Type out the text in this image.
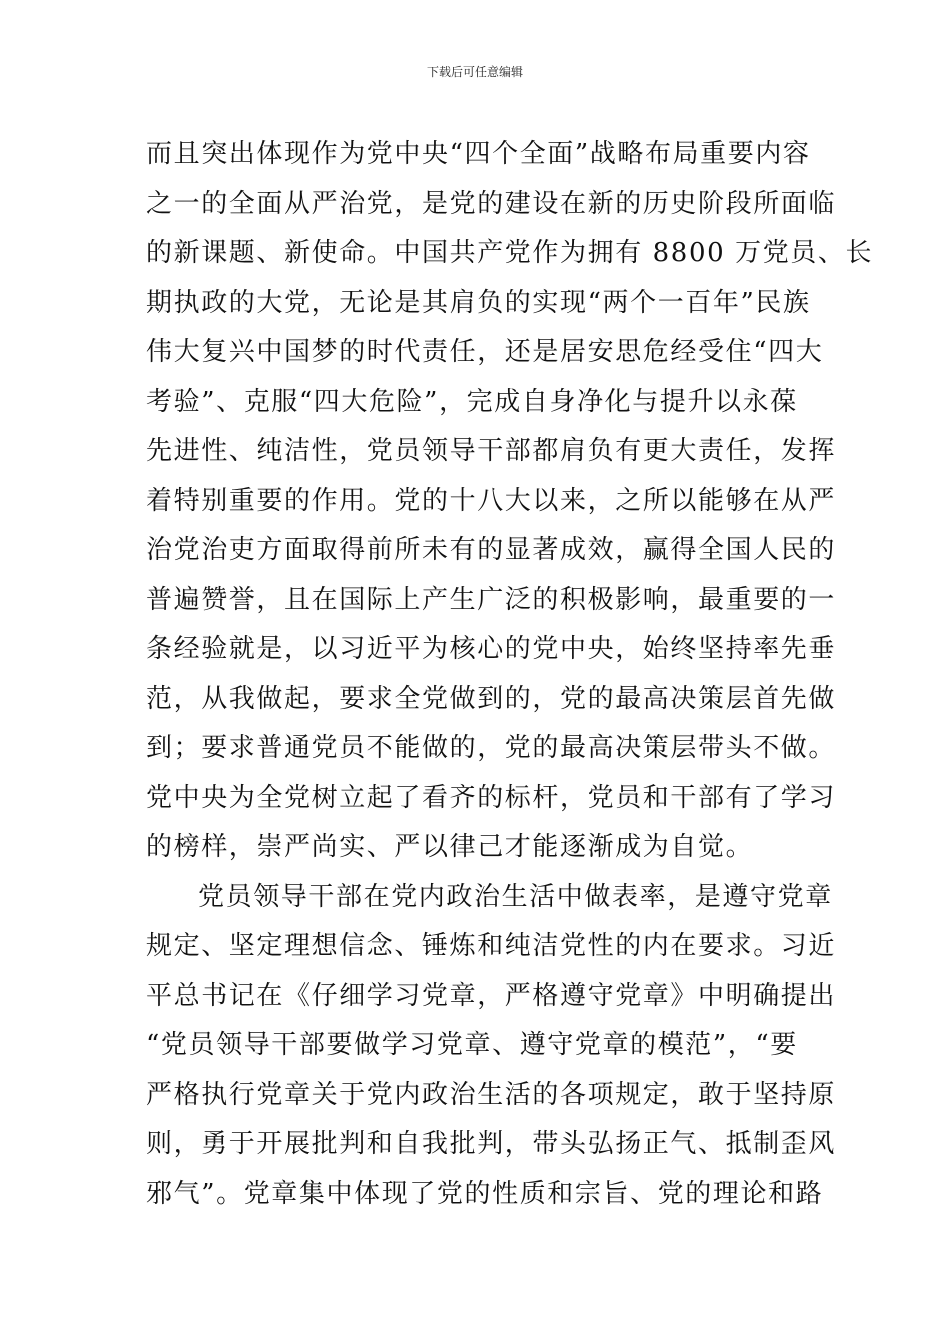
下载后可任意编辑
而且突出体现作为党中央“四个全面”战略布局重要内容
之一的全面从严治党，是党的建设在新的历史阶段所面临
的新课题、新使命。中国共产党作为拥有 8800 万党员、长
期执政的大党，无论是其肩负的实现“两个一百年”民族
伟大复兴中国梦的时代责任，还是居安思危经受住“四大
考验”、克服“四大危险”，完成自身净化与提升以永葆
先进性、纯洁性，党员领导干部都肩负有更大责任，发挥
着特别重要的作用。党的十八大以来，之所以能够在从严
治党治吏方面取得前所未有的显著成效，赢得全国人民的
普遍赞誉，且在国际上产生广泛的积极影响，最重要的一
条经验就是，以习近平为核心的党中央，始终坚持率先垂
范，从我做起，要求全党做到的，党的最高决策层首先做
到；要求普通党员不能做的，党的最高决策层带头不做。
党中央为全党树立起了看齐的标杆，党员和干部有了学习
的榜样，崇严尚实、严以律己才能逐渐成为自觉。
党员领导干部在党内政治生活中做表率，是遵守党章
规定、坚定理想信念、锤炼和纯洁党性的内在要求。习近
平总书记在《仔细学习党章，严格遵守党章》中明确提出
“党员领导干部要做学习党章、遵守党章的模范”，“要
严格执行党章关于党内政治生活的各项规定，敢于坚持原
则，勇于开展批判和自我批判，带头弘扬正气、抵制歪风
邪气”。党章集中体现了党的性质和宗旨、党的理论和路
